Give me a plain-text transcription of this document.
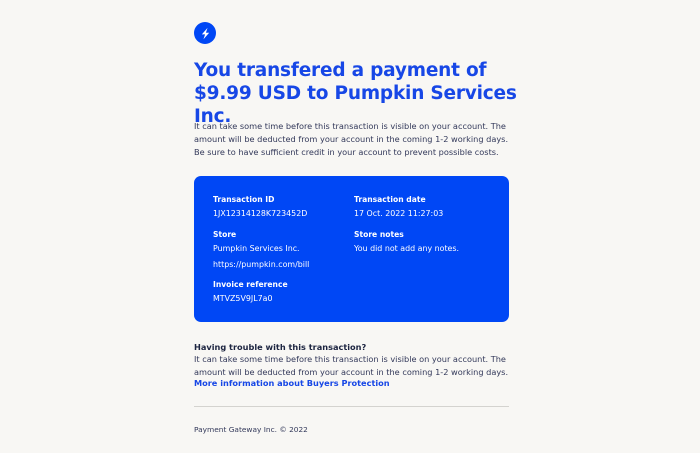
You transfered a payment of $9.99 USD to Pumpkin Services Inc.

It can take some time before this transaction is visible on your account. The amount will be deducted from your account in the coming 1-2 working days. Be sure to have sufficient credit in your account to prevent possible costs.

Transaction ID
1JX12314128K723452D
Transaction date
17 Oct. 2022 11:27:03
Store
Pumpkin Services Inc.
https://pumpkin.com/bill
Store notes
You did not add any notes.
Invoice reference
MTVZ5V9JL7a0

Having trouble with this transaction?

It can take some time before this transaction is visible on your account. The amount will be deducted from your account in the coming 1-2 working days.

More information about Buyers Protection
Payment Gateway Inc. © 2022
